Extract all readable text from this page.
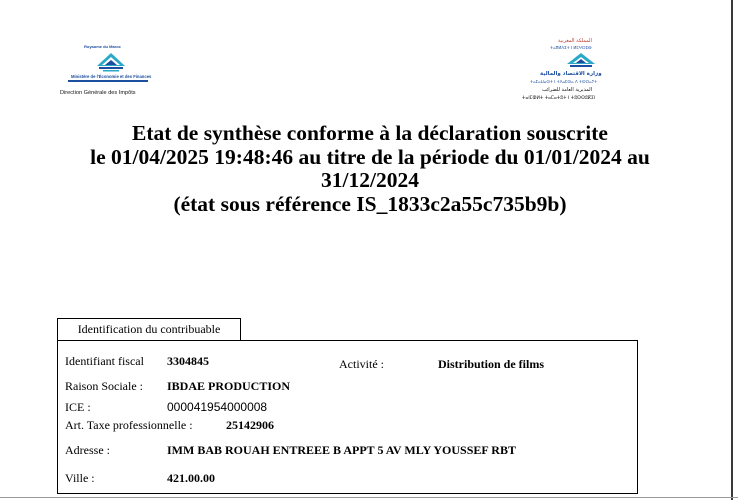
Royaume du Maroc
Ministère de l'Économie et des Finances
Direction Générale des Impôts
المملكة المغربية
ⵜⴰⴳⵍⴷⵉⵜ ⵏ ⵍⵎⵖⵔⵉⴱ
وزارة الاقتصاد والمالية
ⵜⴰⵎⴰⵡⴰⵙⵜ ⵏ ⵜⴷⴰⵎⵙⴰ ⴷ ⵜⵙⵔⴰⵢⵜ
المديرية العامة للضرائب
ⵜⴰⵏⵎⵀⵍⵜ ⵜⴰⵎⴰⵜⵓⵜ ⵏ ⵜⵓⵙⵙⵓⴽⵉⵏ
Etat de synthèse conforme à la déclaration souscrite
le 01/04/2025 19:48:46 au titre de la période du 01/01/2024 au
31/12/2024
(état sous référence IS_1833c2a55c735b9b)
Identification du contribuable
Identifiant fiscal 3304845	Activité :	Distribution de films
Raison Sociale : IBDAE PRODUCTION
ICE :	000041954000008
Art. Taxe professionnelle :	25142906
Adresse :	IMM BAB ROUAH ENTREEE B APPT 5 AV MLY YOUSSEF RBT
Ville :	421.00.00
